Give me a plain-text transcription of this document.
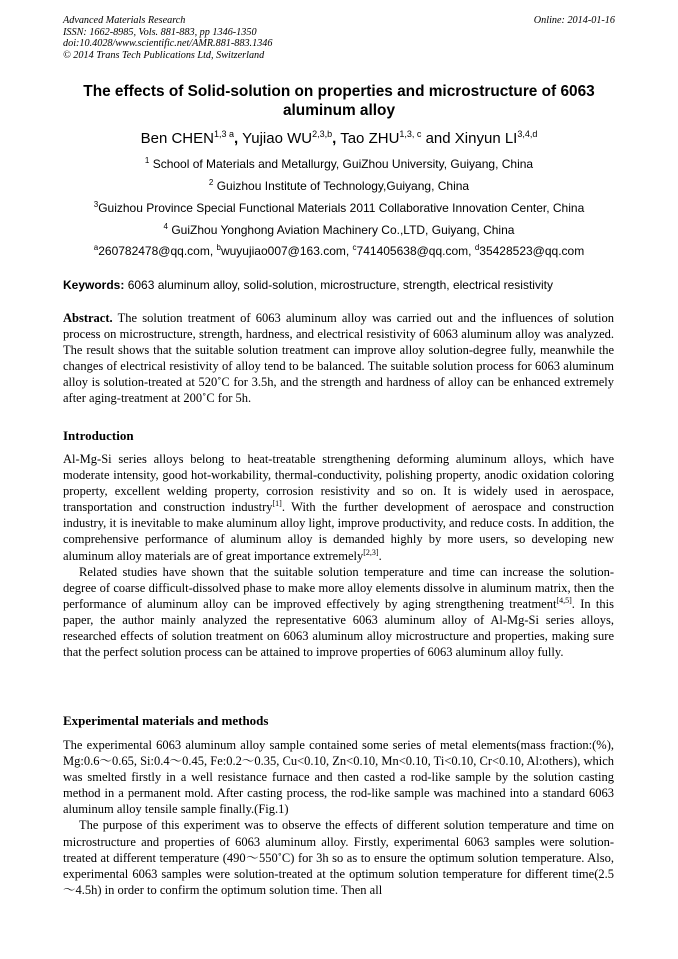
Advanced Materials Research
ISSN: 1662-8985, Vols. 881-883, pp 1346-1350
doi:10.4028/www.scientific.net/AMR.881-883.1346
© 2014 Trans Tech Publications Ltd, Switzerland
Online: 2014-01-16
The effects of Solid-solution on properties and microstructure of 6063 aluminum alloy
Ben $CHEN^{1,3 a}$, Yujiao WU$^{2,3,b}$, Tao ZHU$^{1,3, c}$ and Xinyun LI$^{3,4,d}$
$^1$ School of Materials and Metallurgy, GuiZhou University, Guiyang, China
$^2$ Guizhou Institute of Technology,Guiyang, China
$^3$Guizhou Province Special Functional Materials 2011 Collaborative Innovation Center, China
$^4$ GuiZhou Yonghong Aviation Machinery Co.,LTD, Guiyang, China
$^a$260782478@qq.com, $^b$wuyujiao007@163.com, $^c$741405638@qq.com, $^d$35428523@qq.com
Keywords: 6063 aluminum alloy, solid-solution, microstructure, strength, electrical resistivity
Abstract. The solution treatment of 6063 aluminum alloy was carried out and the influences of solution process on microstructure, strength, hardness, and electrical resistivity of 6063 aluminum alloy was analyzed. The result shows that the suitable solution treatment can improve alloy solution-degree fully, meanwhile the changes of electrical resistivity of alloy tend to be balanced. The suitable solution process for 6063 aluminum alloy is solution-treated at 520˚C for 3.5h, and the strength and hardness of alloy can be enhanced extremely after aging-treatment at 200˚C for 5h.
Introduction

Al-Mg-Si series alloys belong to heat-treatable strengthening deforming aluminum alloys, which have moderate intensity, good hot-workability, thermal-conductivity, polishing property, anodic oxidation coloring property, excellent welding property, corrosion resistivity and so on. It is widely used in aerospace, transportation and construction industry[1]. With the further development of aerospace and construction industry, it is inevitable to make aluminum alloy light, improve productivity, and reduce costs. In addition, the comprehensive performance of aluminum alloy is demanded highly by more users, so developing new aluminum alloy materials are of great importance extremely[2,3].

Related studies have shown that the suitable solution temperature and time can increase the solution-degree of coarse difficult-dissolved phase to make more alloy elements dissolve in aluminum matrix, then the performance of aluminum alloy can be improved effectively by aging strengthening treatment[4,5]. In this paper, the author mainly analyzed the representative 6063 aluminum alloy of Al-Mg-Si series alloys, researched effects of solution treatment on 6063 aluminum alloy microstructure and properties, making sure that the perfect solution process can be attained to improve properties of 6063 aluminum alloy fully.

Experimental materials and methods

The experimental 6063 aluminum alloy sample contained some series of metal elements(mass fraction:(%), Mg:0.6～0.65, Si:0.4～0.45, Fe:0.2～0.35, Cu<0.10, Zn<0.10, Mn<0.10, Ti<0.10, Cr<0.10, Al:others), which was smelted firstly in a well resistance furnace and then casted a rod-like sample by the solution casting method in a permanent mold. After casting process, the rod-like sample was machined into a standard 6063 aluminum alloy tensile sample finally.(Fig.1)

The purpose of this experiment was to observe the effects of different solution temperature and time on microstructure and properties of 6063 aluminum alloy. Firstly, experimental 6063 samples were solution-treated at different temperature (490～550˚C) for 3h so as to ensure the optimum solution temperature. Also, experimental 6063 samples were solution-treated at the optimum solution temperature for different time(2.5～4.5h) in order to confirm the optimum solution time. Then all
